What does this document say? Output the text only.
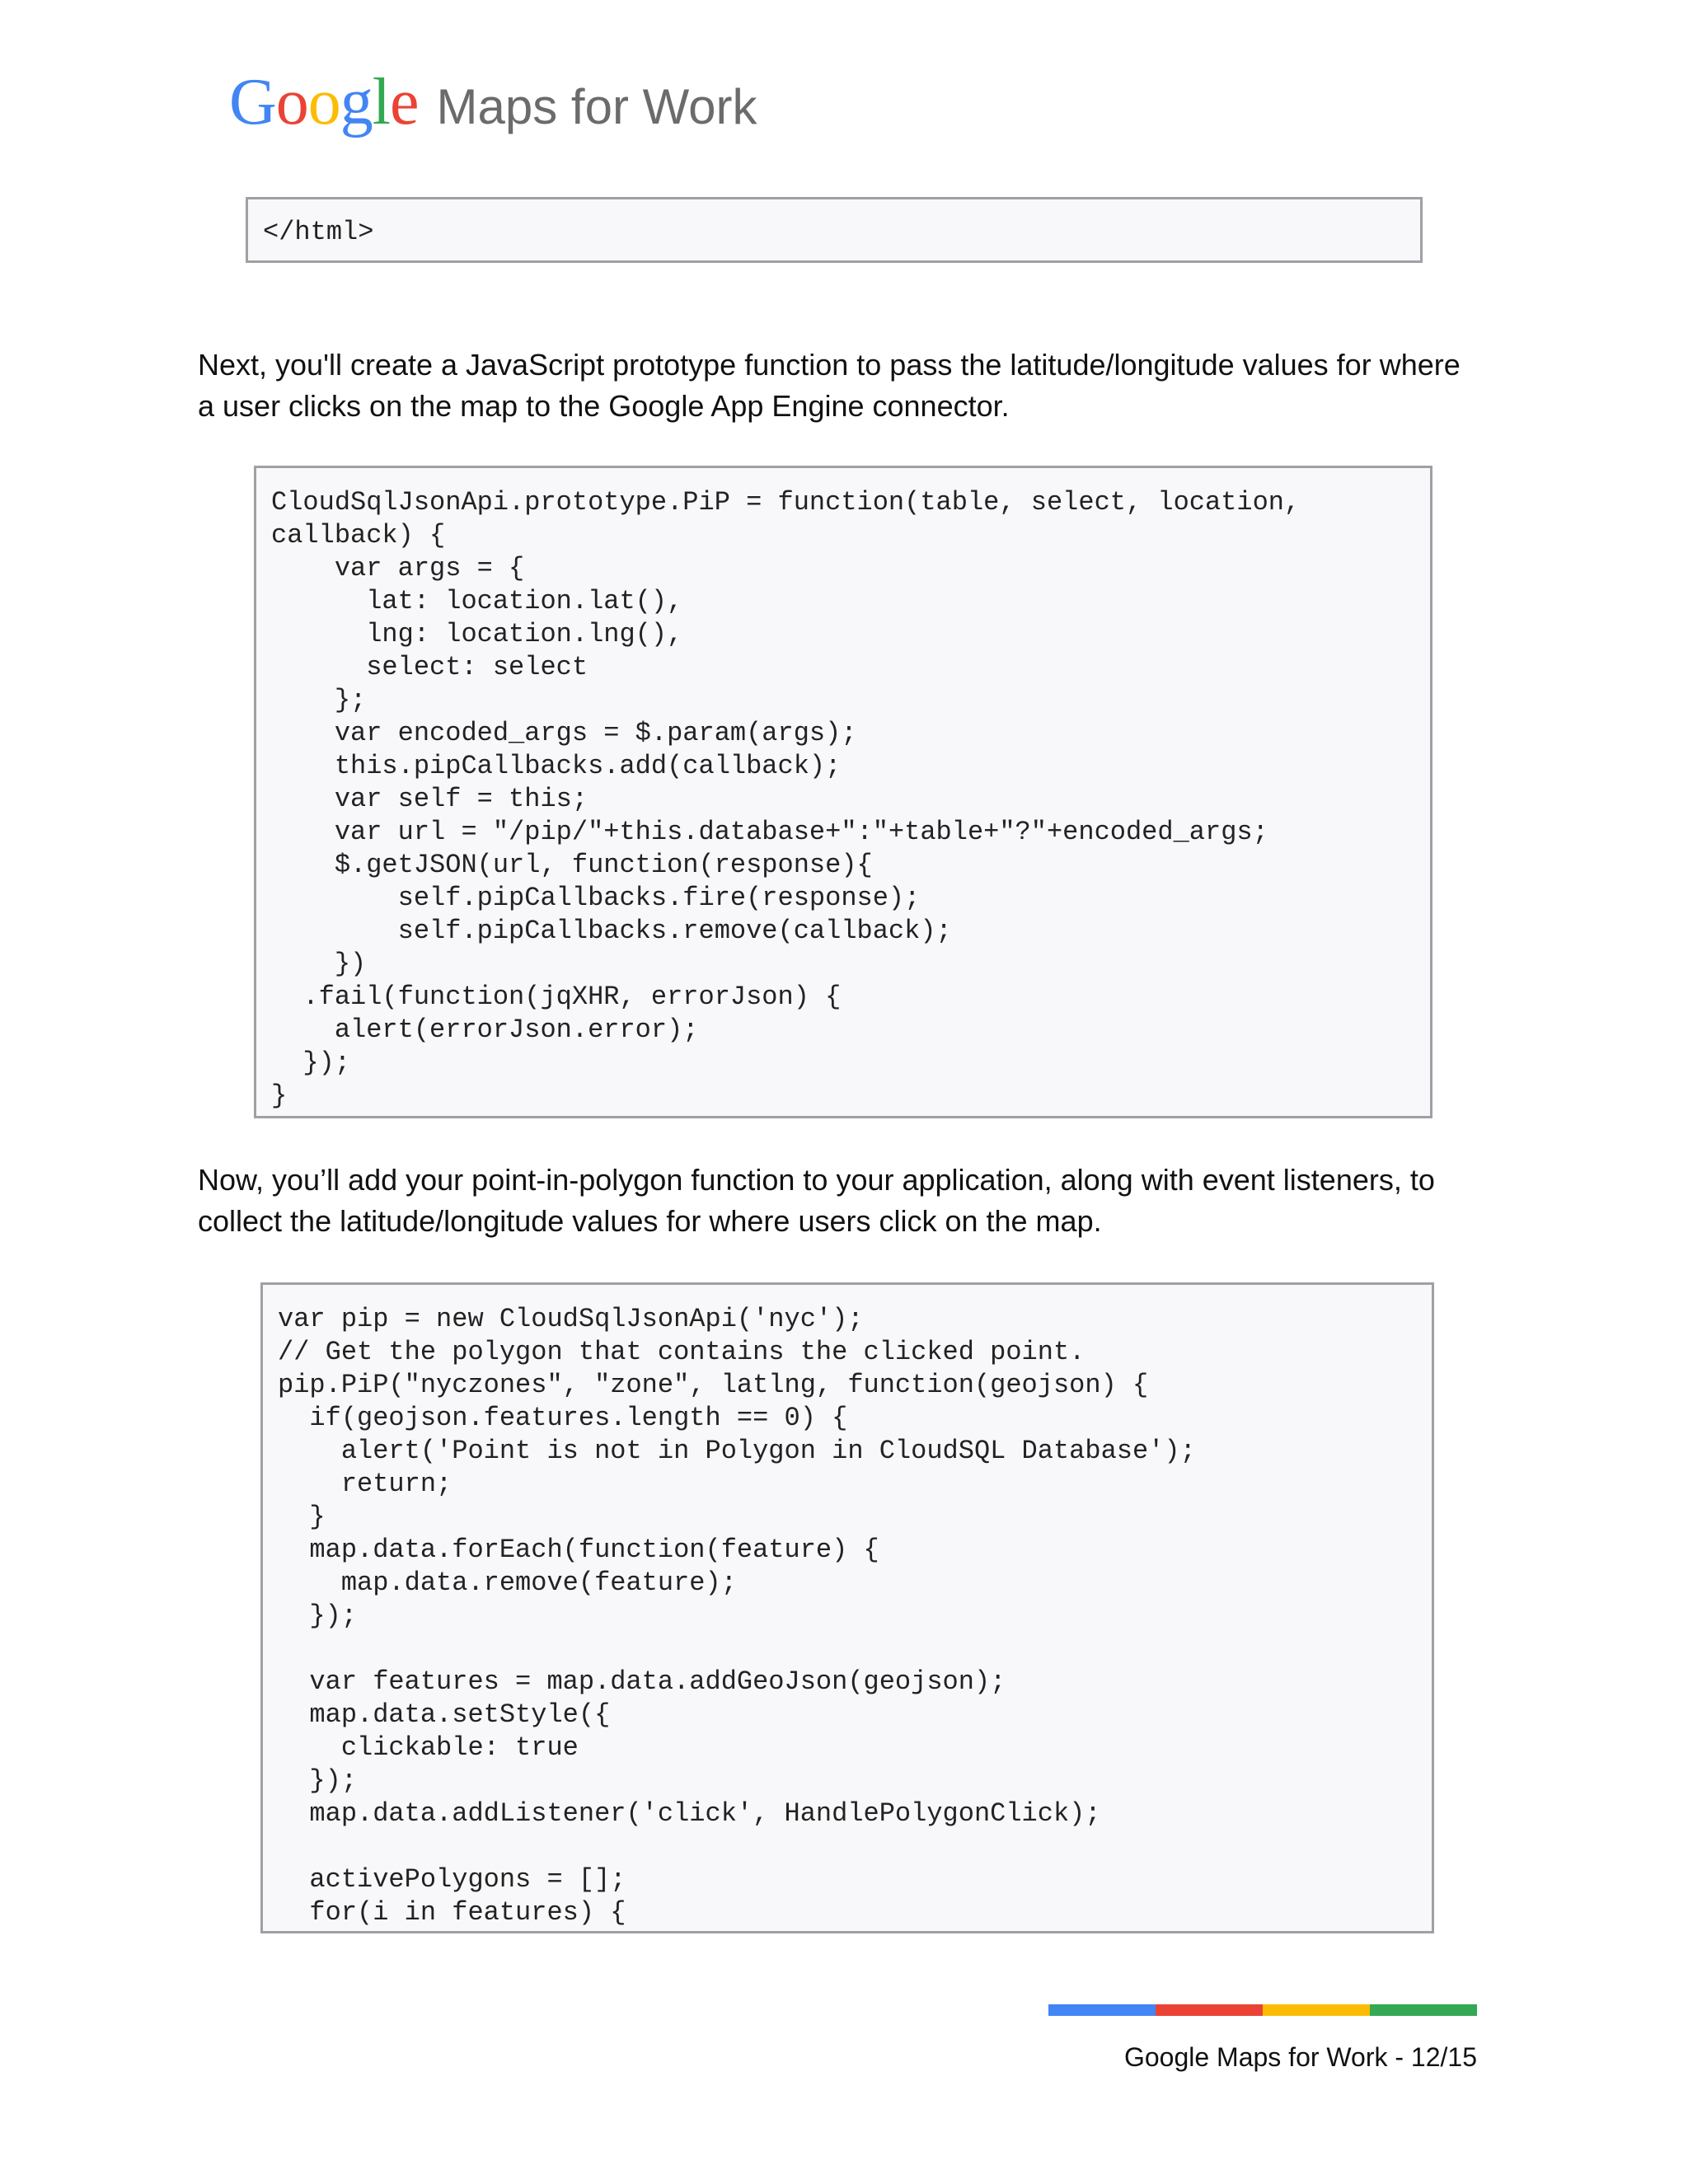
Google Maps for Work
</html>

Next, you'll create a JavaScript prototype function to pass the latitude/longitude values for where a user clicks on the map to the Google App Engine connector.

CloudSqlJsonApi.prototype.PiP = function(table, select, location,
callback) {
var args = {
lat: location.lat(),
lng: location.lng(),
select: select
};
var encoded_args = $.param(args);
this.pipCallbacks.add(callback);
var self = this;
var url = "/pip/"+this.database+":"+table+"?"+encoded_args;
$.getJSON(url, function(response){
self.pipCallbacks.fire(response);
self.pipCallbacks.remove(callback);
})
.fail(function(jqXHR, errorJson) {
alert(errorJson.error);
});
}

Now, you’ll add your point-in-polygon function to your application, along with event listeners, to collect the latitude/longitude values for where users click on the map.

var pip = new CloudSqlJsonApi('nyc');
// Get the polygon that contains the clicked point.
pip.PiP("nyczones", "zone", latlng, function(geojson) {
if(geojson.features.length == 0) {
alert('Point is not in Polygon in CloudSQL Database');
return;
}
map.data.forEach(function(feature) {
map.data.remove(feature);
});
var features = map.data.addGeoJson(geojson);
map.data.setStyle({
clickable: true
});
map.data.addListener('click', HandlePolygonClick);
activePolygons = [];
for(i in features) {
Google Maps for Work - 12/15
